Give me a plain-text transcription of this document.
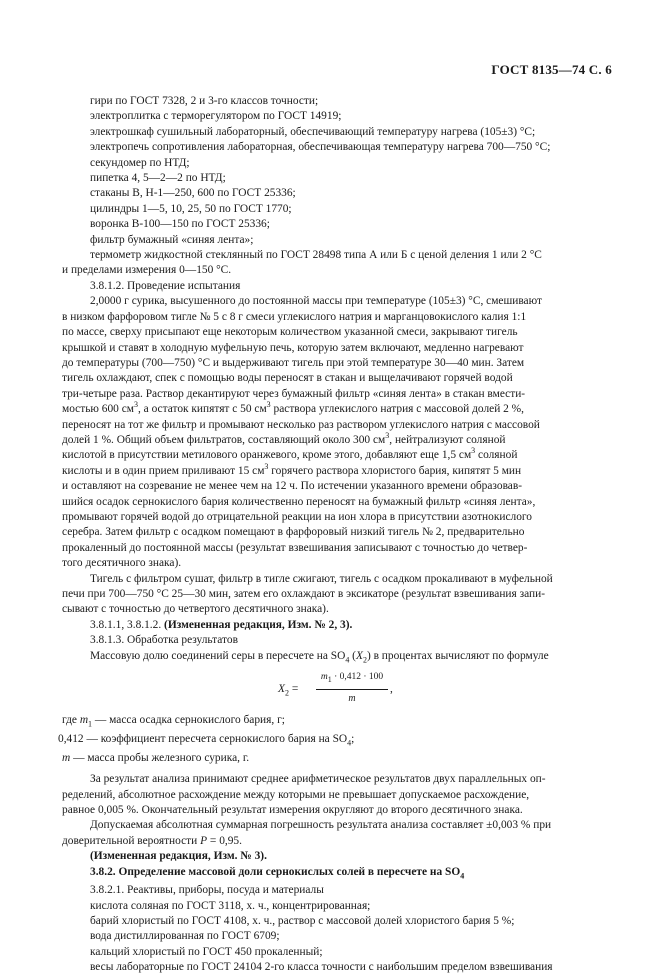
ГОСТ 8135—74 С. 6
гири по ГОСТ 7328, 2 и 3-го классов точности;
электроплитка с терморегулятором по ГОСТ 14919;
электрошкаф сушильный лабораторный, обеспечивающий температуру нагрева (105±3) °С;
электропечь сопротивления лабораторная, обеспечивающая температуру нагрева 700—750 °С;
секундомер по НТД;
пипетка 4, 5—2—2 по НТД;
стаканы В, Н-1—250, 600 по ГОСТ 25336;
цилиндры 1—5, 10, 25, 50 по ГОСТ 1770;
воронка В-100—150 по ГОСТ 25336;
фильтр бумажный «синяя лента»;
термометр жидкостной стеклянный по ГОСТ 28498 типа А или Б с ценой деления 1 или 2 °С
и пределами измерения 0—150 °С.
3.8.1.2. Проведение испытания
2,0000 г сурика, высушенного до постоянной массы при температуре (105±3) °С, смешивают
в низком фарфоровом тигле № 5 с 8 г смеси углекислого натрия и марганцовокислого калия 1:1
по массе, сверху присыпают еще некоторым количеством указанной смеси, закрывают тигель
крышкой и ставят в холодную муфельную печь, которую затем включают, медленно нагревают
до температуры (700—750) °С и выдерживают тигель при этой температуре 30—40 мин. Затем
тигель охлаждают, спек с помощью воды переносят в стакан и выщелачивают горячей водой
три-четыре раза. Раствор декантируют через бумажный фильтр «синяя лента» в стакан вмести-
мостью 600 $см^3$, а остаток кипятят с 50 $см^3$ раствора углекислого натрия с массовой долей 2 %,
переносят на тот же фильтр и промывают несколько раз раствором углекислого натрия с массовой
долей 1 %. Общий объем фильтратов, составляющий около 300 $см^3$, нейтрализуют соляной
кислотой в присутствии метилового оранжевого, кроме этого, добавляют еще 1,5 $см^3$ соляной
кислоты и в один прием приливают 15 $см^3$ горячего раствора хлористого бария, кипятят 5 мин
и оставляют на созревание не менее чем на 12 ч. По истечении указанного времени образовав-
шийся осадок сернокислого бария количественно переносят на бумажный фильтр «синяя лента»,
промывают горячей водой до отрицательной реакции на ион хлора в присутствии азотнокислого
серебра. Затем фильтр с осадком помещают в фарфоровый низкий тигель № 2, предварительно
прокаленный до постоянной массы (результат взвешивания записывают с точностью до четвер-
того десятичного знака).
Тигель с фильтром сушат, фильтр в тигле сжигают, тигель с осадком прокаливают в муфельной
печи при 700—750 °С 25—30 мин, затем его охлаждают в эксикаторе (результат взвешивания запи-
сывают с точностью до четвертого десятичного знака).
3.8.1.1, 3.8.1.2. (Измененная редакция, Изм. № 2, 3).
3.8.1.3. Обработка результатов
Массовую долю соединений серы в пересчете на $SO_4$ $(X_2)$ в процентах вычисляют по формуле
$X_2 = \frac{m_1 \cdot 0,412 \cdot 100}{m}$ ,
где $m_1$ — масса осадка сернокислого бария, г;
0,412 — коэффициент пересчета сернокислого бария на $SO_4$;
m — масса пробы железного сурика, г.
За результат анализа принимают среднее арифметическое результатов двух параллельных оп-
ределений, абсолютное расхождение между которыми не превышает допускаемое расхождение,
равное 0,005 %. Окончательный результат измерения округляют до второго десятичного знака.
Допускаемая абсолютная суммарная погрешность результата анализа составляет ±0,003 % при
доверительной вероятности P = 0,95.
(Измененная редакция, Изм. № 3).
3.8.2. Определение массовой доли сернокислых солей в пересчете на $SO_4$
3.8.2.1. Реактивы, приборы, посуда и материалы
кислота соляная по ГОСТ 3118, х. ч., концентрированная;
барий хлористый по ГОСТ 4108, х. ч., раствор с массовой долей хлористого бария 5 %;
вода дистиллированная по ГОСТ 6709;
кальций хлористый по ГОСТ 450 прокаленный;
весы лабораторные по ГОСТ 24104 2-го класса точности с наибольшим пределом взвешивания
